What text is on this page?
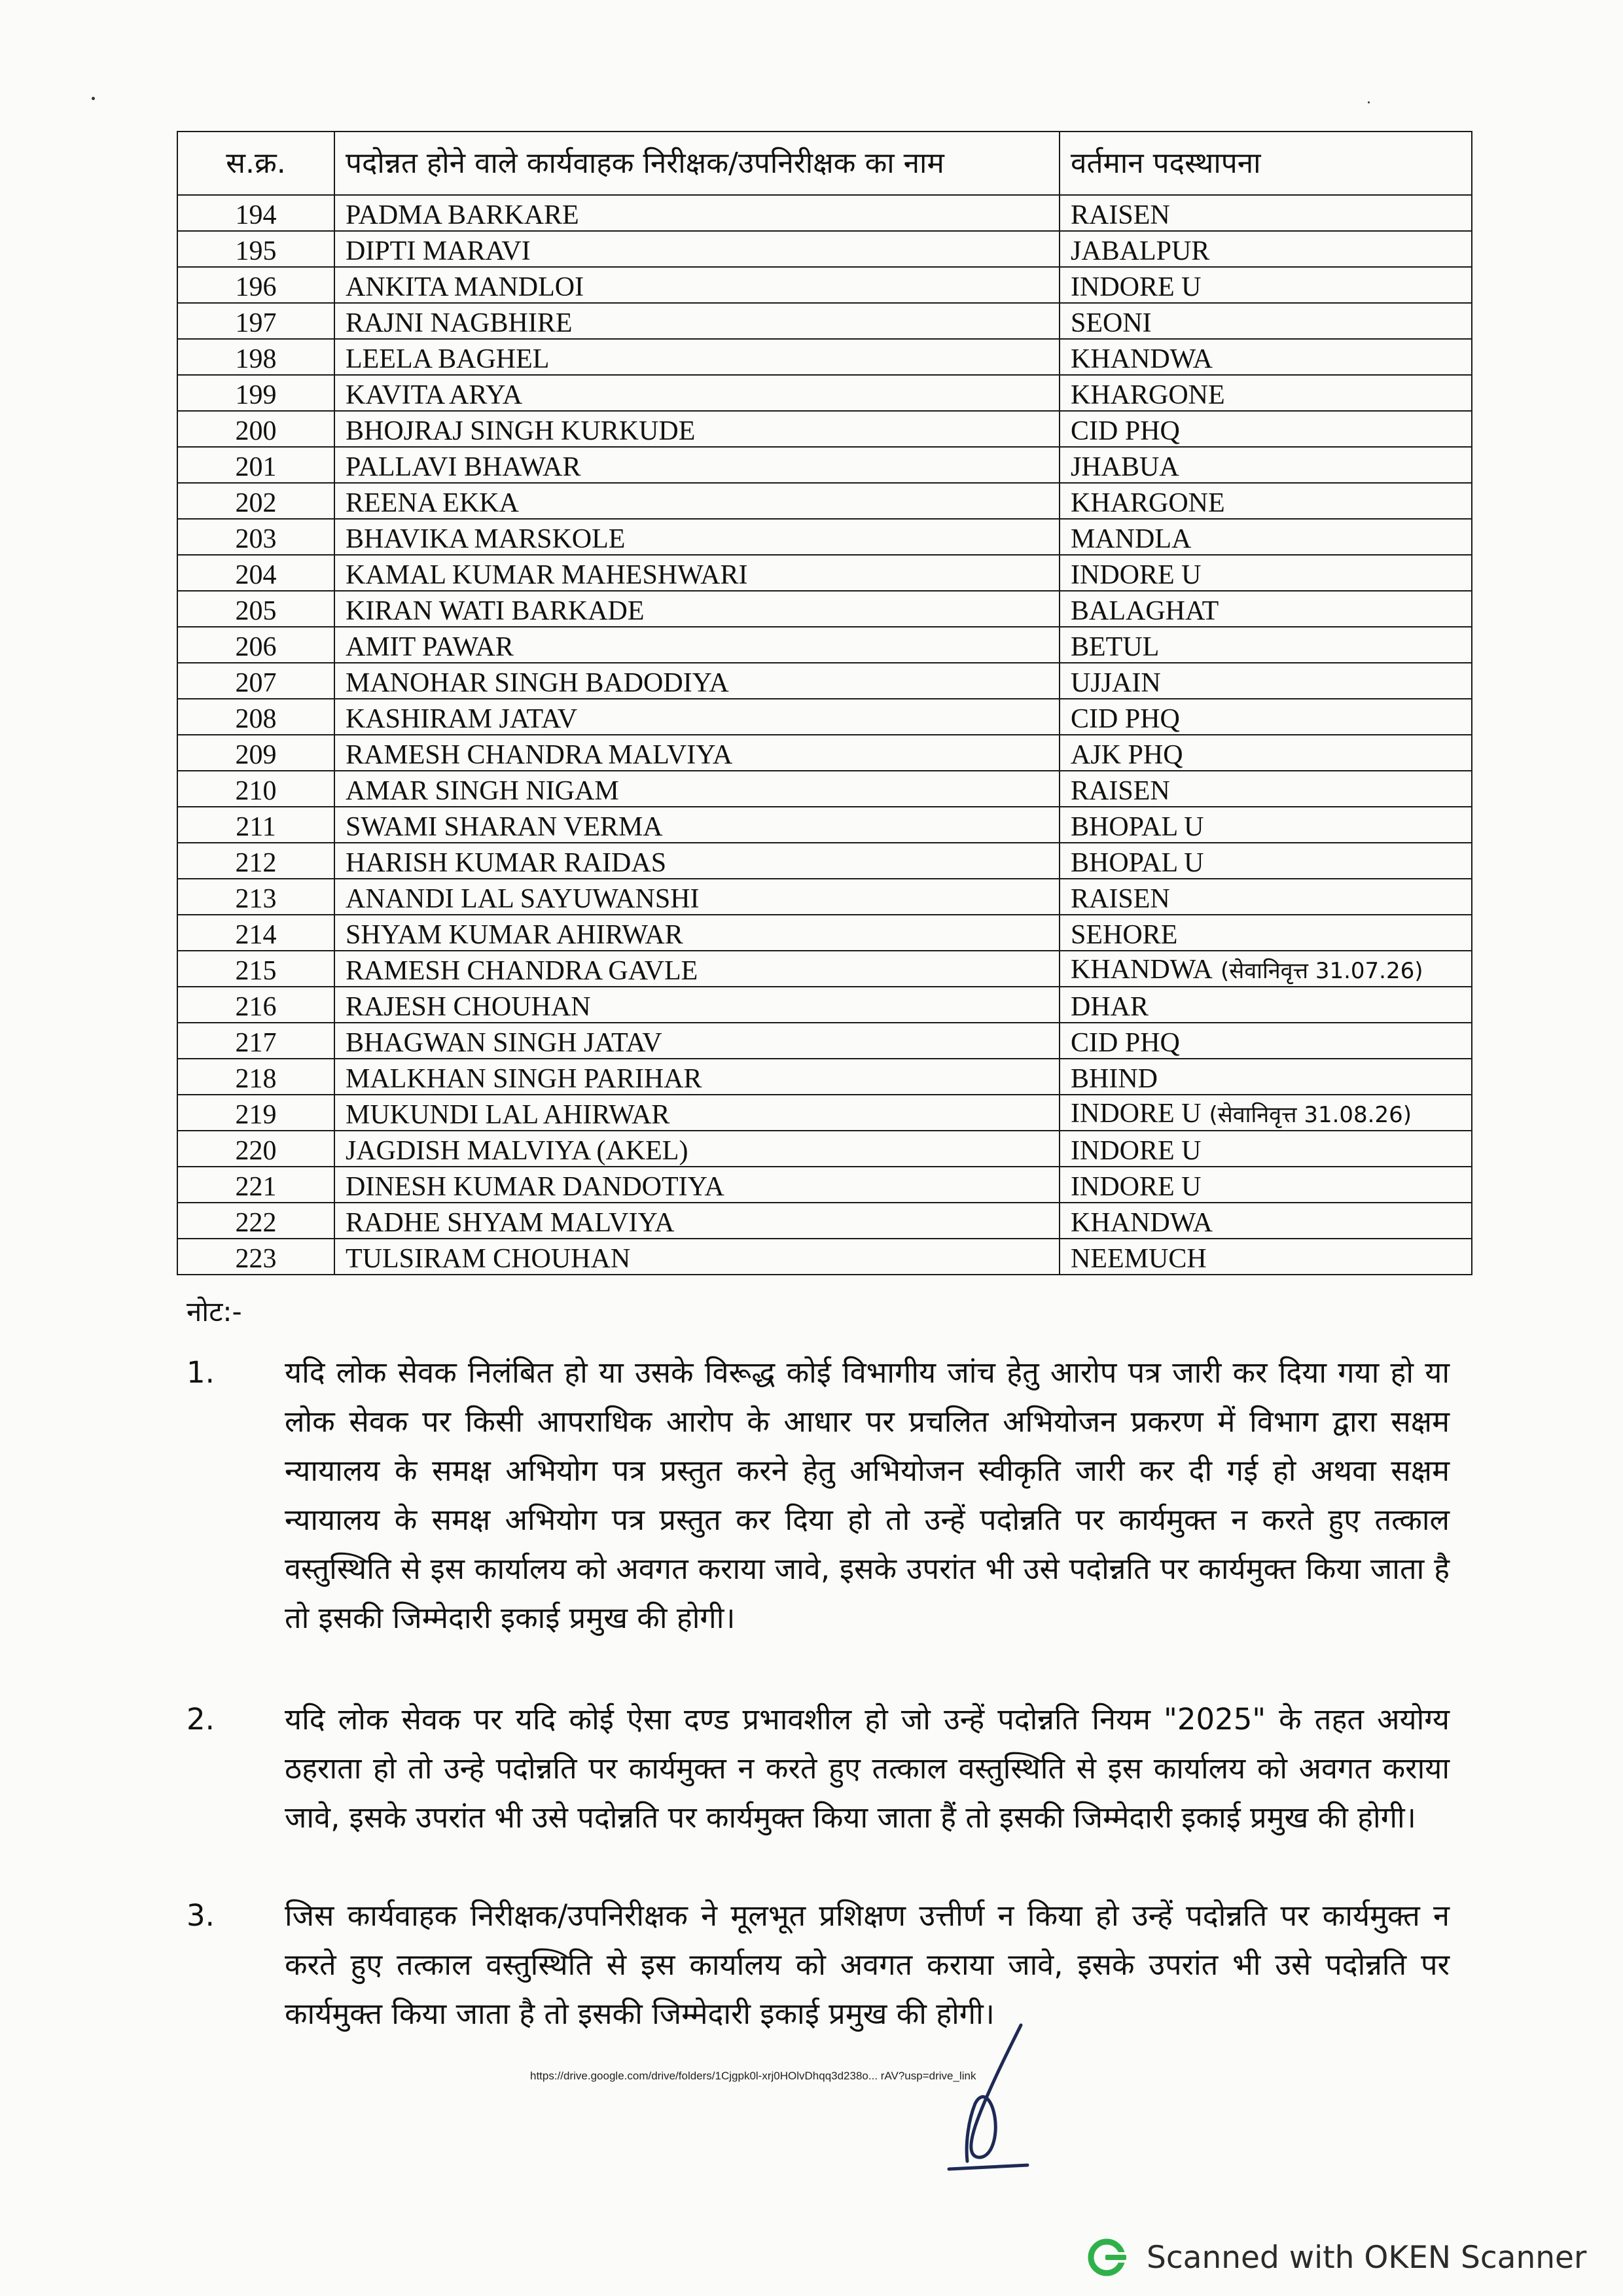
स.क्र.	पदोन्नत होने वाले कार्यवाहक निरीक्षक/उपनिरीक्षक का नाम	वर्तमान पदस्थापना
194	PADMA BARKARE	RAISEN
195	DIPTI MARAVI	JABALPUR
196	ANKITA MANDLOI	INDORE U
197	RAJNI NAGBHIRE	SEONI
198	LEELA BAGHEL	KHANDWA
199	KAVITA ARYA	KHARGONE
200	BHOJRAJ SINGH KURKUDE	CID PHQ
201	PALLAVI BHAWAR	JHABUA
202	REENA EKKA	KHARGONE
203	BHAVIKA MARSKOLE	MANDLA
204	KAMAL KUMAR MAHESHWARI	INDORE U
205	KIRAN WATI BARKADE	BALAGHAT
206	AMIT PAWAR	BETUL
207	MANOHAR SINGH BADODIYA	UJJAIN
208	KASHIRAM JATAV	CID PHQ
209	RAMESH CHANDRA MALVIYA	AJK PHQ
210	AMAR SINGH NIGAM	RAISEN
211	SWAMI SHARAN VERMA	BHOPAL U
212	HARISH KUMAR RAIDAS	BHOPAL U
213	ANANDI LAL SAYUWANSHI	RAISEN
214	SHYAM KUMAR AHIRWAR	SEHORE
215	RAMESH CHANDRA GAVLE	KHANDWA (सेवानिवृत्त 31.07.26)
216	RAJESH CHOUHAN	DHAR
217	BHAGWAN SINGH JATAV	CID PHQ
218	MALKHAN SINGH PARIHAR	BHIND
219	MUKUNDI LAL AHIRWAR	INDORE U (सेवानिवृत्त 31.08.26)
220	JAGDISH MALVIYA (AKEL)	INDORE U
221	DINESH KUMAR DANDOTIYA	INDORE U
222	RADHE SHYAM MALVIYA	KHANDWA
223	TULSIRAM CHOUHAN	NEEMUCH
नोट:-
1.	यदि लोक सेवक निलंबित हो या उसके विरूद्ध कोई विभागीय जांच हेतु आरोप पत्र जारी कर दिया गया हो या लोक सेवक पर किसी आपराधिक आरोप के आधार पर प्रचलित अभियोजन प्रकरण में विभाग द्वारा सक्षम न्यायालय के समक्ष अभियोग पत्र प्रस्तुत करने हेतु अभियोजन स्वीकृति जारी कर दी गई हो अथवा सक्षम न्यायालय के समक्ष अभियोग पत्र प्रस्तुत कर दिया हो तो उन्हें पदोन्नति पर कार्यमुक्त न करते हुए तत्काल वस्तुस्थिति से इस कार्यालय को अवगत कराया जावे, इसके उपरांत भी उसे पदोन्नति पर कार्यमुक्त किया जाता है तो इसकी जिम्मेदारी इकाई प्रमुख की होगी।
2.	यदि लोक सेवक पर यदि कोई ऐसा दण्ड प्रभावशील हो जो उन्हें पदोन्नति नियम "2025" के तहत अयोग्य ठहराता हो तो उन्हे पदोन्नति पर कार्यमुक्त न करते हुए तत्काल वस्तुस्थिति से इस कार्यालय को अवगत कराया जावे, इसके उपरांत भी उसे पदोन्नति पर कार्यमुक्त किया जाता हैं तो इसकी जिम्मेदारी इकाई प्रमुख की होगी।
3.	जिस कार्यवाहक निरीक्षक/उपनिरीक्षक ने मूलभूत प्रशिक्षण उत्तीर्ण न किया हो उन्हें पदोन्नति पर कार्यमुक्त न करते हुए तत्काल वस्तुस्थिति से इस कार्यालय को अवगत कराया जावे, इसके उपरांत भी उसे पदोन्नति पर कार्यमुक्त किया जाता है तो इसकी जिम्मेदारी इकाई प्रमुख की होगी।
https://drive.google.com/drive/folders/1Cjgpk0l-xrj0HOlvDhqq3d238o... rAV?usp=drive_link
Scanned with OKEN Scanner
